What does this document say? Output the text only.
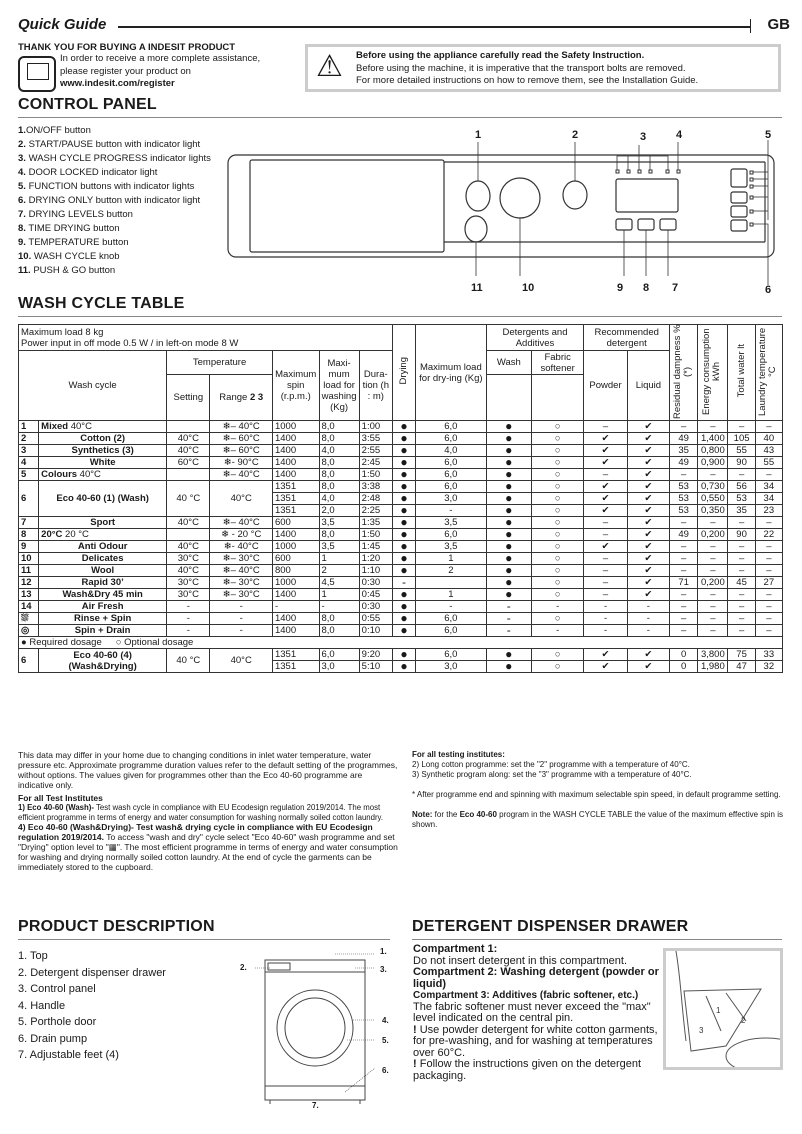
Quick Guide	GB
THANK YOU FOR BUYING A INDESIT PRODUCT
In order to receive a more complete assistance,
please register your product on
www.indesit.com/register
⚠ Before using the appliance carefully read the Safety Instruction.
Before using the machine, it is imperative that the transport bolts are removed.
For more detailed instructions on how to remove them, see the Installation Guide.
CONTROL PANEL
1.ON/OFF button
2. START/PAUSE button with indicator light
3. WASH CYCLE PROGRESS indicator lights
4. DOOR LOCKED indicator light
5. FUNCTION buttons with indicator lights
6. DRYING ONLY button with indicator light
7. DRYING LEVELS button
8. TIME DRYING button
9. TEMPERATURE button
10. WASH CYCLE knob
11. PUSH & GO button
1	2	3	4	5
6
7
8
9
10
11
WASH CYCLE TABLE
Maximum load 8 kg
Power input in off mode 0.5 W / in left-on mode 8 W							Drying	Maximum load for dry-ing (Kg)	Detergents and Additives		Recommended detergent		Residual dampness % (*)	Energy consumption kWh	Total water lt	Laundry temperature °C
Wash cycle		Temperature		Maximum spin (r.p.m.)	Maxi-mum load for washing (Kg)	Dura-tion (h : m)			Wash	Fabric softener	Powder	Liquid				
		Setting	Range 2 3													
1	Mixed 40°C		❄– 40°C	1000	8,0	1:00	●	6,0	●	○	–	✔	–	–	–	–
2	Cotton (2)	40°C	❄– 60°C	1400	8,0	3:55	●	6,0	●	○	✔	✔	49	1,400	105	40
3	Synthetics (3)	40°C	❄– 60°C	1400	4,0	2:55	●	4,0	●	○	✔	✔	35	0,800	55	43
4	White	60°C	❄- 90°C	1400	8,0	2:45	●	6,0	●	○	✔	✔	49	0,900	90	55
5	Colours 40°C		❄– 40°C	1400	8,0	1:50	●	6,0	●	○	–	✔	–	–	–	–
6	Eco 40-60 (1) (Wash)	40 °C	40°C	1351	8,0	3:38	●	6,0	●	○	✔	✔	53	0,730	56	34
				1351	4,0	2:48	●	3,0	●	○	✔	✔	53	0,550	53	34
				1351	2,0	2:25	●	-	●	○	✔	✔	53	0,350	35	23
7	Sport	40°C	❄– 40°C	600	3,5	1:35	●	3,5	●	○	–	✔	–	–	–	–
8	20°C 20 °C		❄ - 20 °C	1400	8,0	1:50	●	6,0	●	○	–	✔	49	0,200	90	22
9	Anti Odour	40°C	❄- 40°C	1000	3,5	1:45	●	3,5	●	○	✔	✔	–	–	–	–
10	Delicates	30°C	❄– 30°C	600	1	1:20	●	1	●	○	–	✔	–	–	–	–
11	Wool	40°C	❄– 40°C	800	2	1:10	●	2	●	○	–	✔	–	–	–	–
12	Rapid 30’	30°C	❄– 30°C	1000	4,5	0:30	-		●	○	–	✔	71	0,200	45	27
13	Wash&Dry 45 min	30°C	❄– 30°C	1400	1	0:45	●	1	●	○	–	✔	–	–	–	–
14	Air Fresh	-	-	-	-	0:30	●	-	-	-	-	-	–	–	–	–
⛆	Rinse + Spin	-	-	1400	8,0	0:55	●	6,0	-	○	-	-	–	–	–	–
◎	Spin + Drain	-	-	1400	8,0	0:10	●	6,0	-	-	-	-	–	–	–	–
● Required dosage ○ Optional dosage																
6	Eco 40-60 (4) (Wash&Drying)	40 °C	40°C	1351	6,0	9:20	●	6,0	●	○	✔	✔	0	3,800	75	33
				1351	3,0	5:10	●	3,0	●	○	✔	✔	0	1,980	47	32
This data may differ in your home due to changing conditions in inlet water temperature, water pressure etc. Approximate programme duration values refer to the default setting of the programmes, without options. The values given for programmes other than the Eco 40-60 programme are indicative only.
For all Test Institutes
1) Eco 40-60 (Wash)- Test wash cycle in compliance with EU Ecodesign regulation 2019/2014. The most efficient programme in terms of energy and water consumption for washing normally soiled cotton laundry.
4) Eco 40-60 (Wash&Drying)- Test wash& drying cycle in compliance with EU Ecodesign regulation 2019/2014. To access "wash and dry" cycle select "Eco 40-60" wash programme and set "Drying" option level to "▦". The most efficient programme in terms of energy and water consumption for washing and drying normally soiled cotton laundry. At the end of cycle the garments can be immediately stored to the cupboard.
For all testing institutes:
2) Long cotton programme: set the "2" programme with a temperature of 40°C.
3) Synthetic program along: set the "3" programme with a temperature of 40°C.
* After programme end and spinning with maximum selectable spin speed, in default programme setting.
Note: for the Eco 40-60 program in the WASH CYCLE TABLE the value of the maximum effective spin is shown.
PRODUCT DESCRIPTION
1. Top
2. Detergent dispenser drawer
3. Control panel
4. Handle
5. Porthole door
6. Drain pump
7. Adjustable feet (4)
1.
2.	3.
4.
5.
6.
7.
DETERGENT DISPENSER DRAWER
Compartment 1:
Do not insert detergent in this compartment.
Compartment 2: Washing detergent (powder or liquid)
Compartment 3: Additives (fabric softener, etc.)
The fabric softener must never exceed the "max" level indicated on the central pin.
! Use powder detergent for white cotton garments, for pre-washing, and for washing at temperatures over 60°C.
! Follow the instructions given on the detergent packaging.
1
2
3
